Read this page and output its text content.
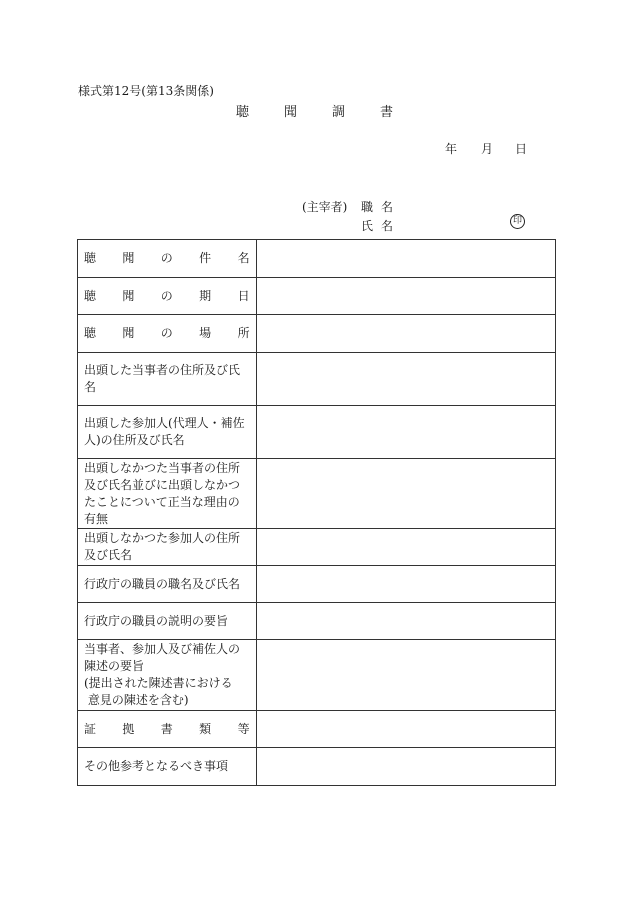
様式第12号(第13条関係)
聴	聞	調	書
年 月 日
(主宰者) 職名
氏名	印
聴 聞 の 件 名	

聴 聞 の 期 日	

聴 聞 の 場 所	

出頭した当事者の住所及び氏名	

出頭した参加人(代理人・補佐人)の住所及び氏名	

出頭しなかつた当事者の住所及び氏名並びに出頭しなかつたことについて正当な理由の有無	

出頭しなかつた参加人の住所及び氏名	

行政庁の職員の職名及び氏名	

行政庁の職員の説明の要旨	

当事者、参加人及び補佐人の陳述の要旨
(提出された陳述書における
意見の陳述を含む)	

証 拠 書 類 等	

その他参考となるべき事項	
